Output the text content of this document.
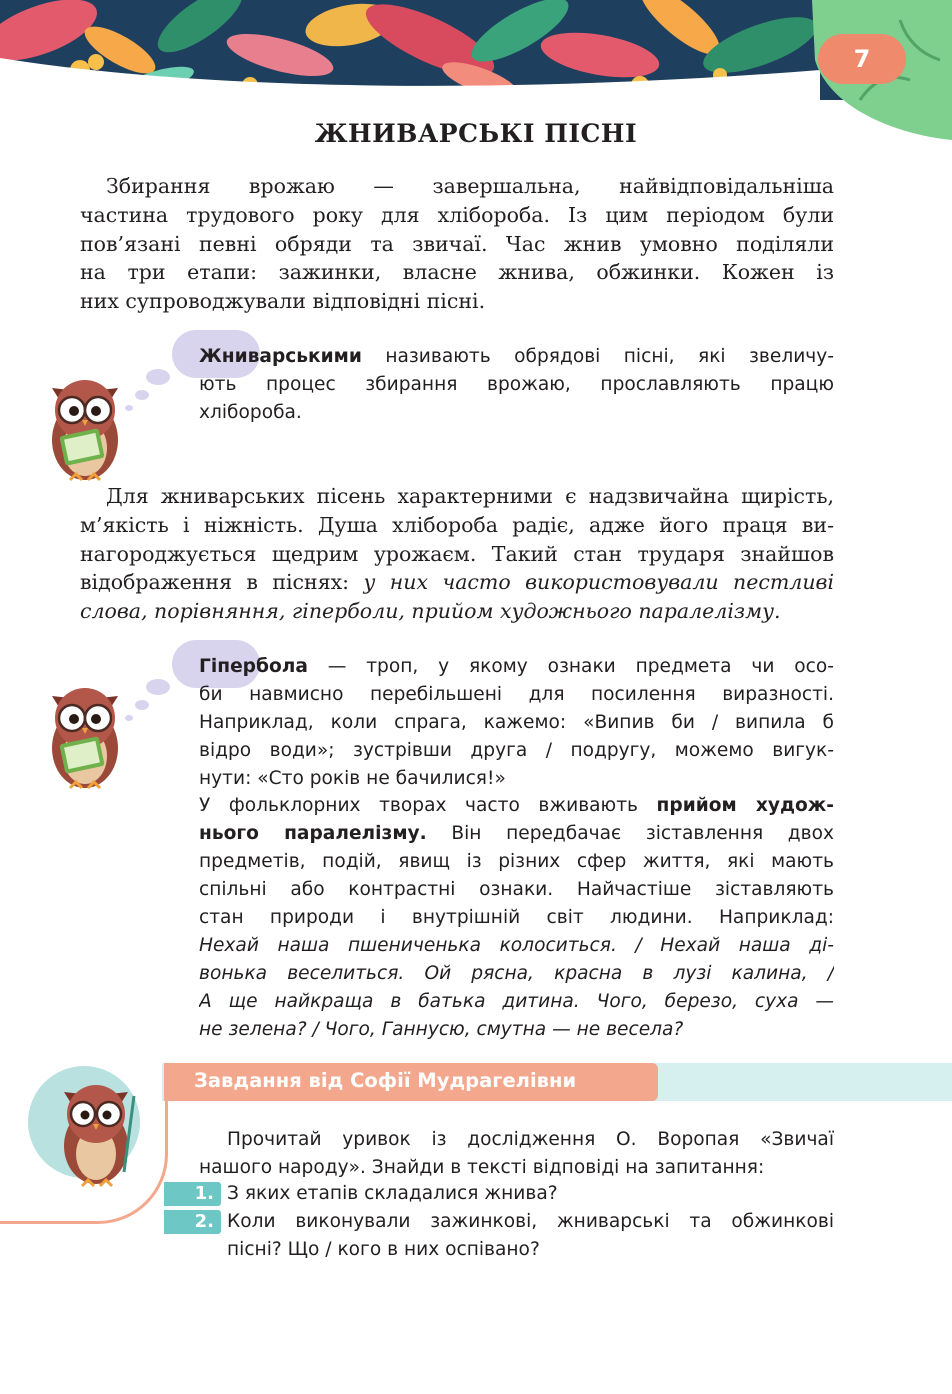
7
ЖНИВАРСЬКІ ПІСНІ
Збирання врожаю — завершальна, найвідповідальніша
частина трудового року для хлібороба. Із цим періодом були
пов’язані певні обряди та звичаї. Час жнив умовно поділяли
на три етапи: зажинки, власне жнива, обжинки. Кожен із
них супроводжували відповідні пісні.
Жниварськими називають обрядові пісні, які звеличу-
ють процес збирання врожаю, прославляють працю
хлібороба.
Для жниварських пісень характерними є надзвичайна щирість,
м’якість і ніжність. Душа хлібороба радіє, адже його праця ви-
нагороджується щедрим урожаєм. Такий стан трударя знайшов
відображення в піснях: у них часто використовували пестливі
слова, порівняння, гіперболи, прийом художнього паралелізму.
Гіпербола — троп, у якому ознаки предмета чи осо-
би навмисно перебільшені для посилення виразності.
Наприклад, коли спрага, кажемо: «Випив би / випила б
відро води»; зустрівши друга / подругу, можемо вигук-
нути: «Сто років не бачилися!»
У фольклорних творах часто вживають прийом худож-
нього паралелізму. Він передбачає зіставлення двох
предметів, подій, явищ із різних сфер життя, які мають
спільні або контрастні ознаки. Найчастіше зіставляють
стан природи і внутрішній світ людини. Наприклад:
Нехай наша пшениченька колоситься. / Нехай наша ді-
вонька веселиться. Ой рясна, красна в лузі калина, /
А ще найкраща в батька дитина. Чого, березо, суха —
не зелена? / Чого, Ганнусю, смутна — не весела?
Завдання від Софії Мудрагелівни
Прочитай уривок із дослідження О. Воропая «Звичаї
нашого народу». Знайди в тексті відповіді на запитання:
1.
2.
З яких етапів складалися жнива?
Коли виконували зажинкові, жниварські та обжинкові
пісні? Що / кого в них оспівано?
